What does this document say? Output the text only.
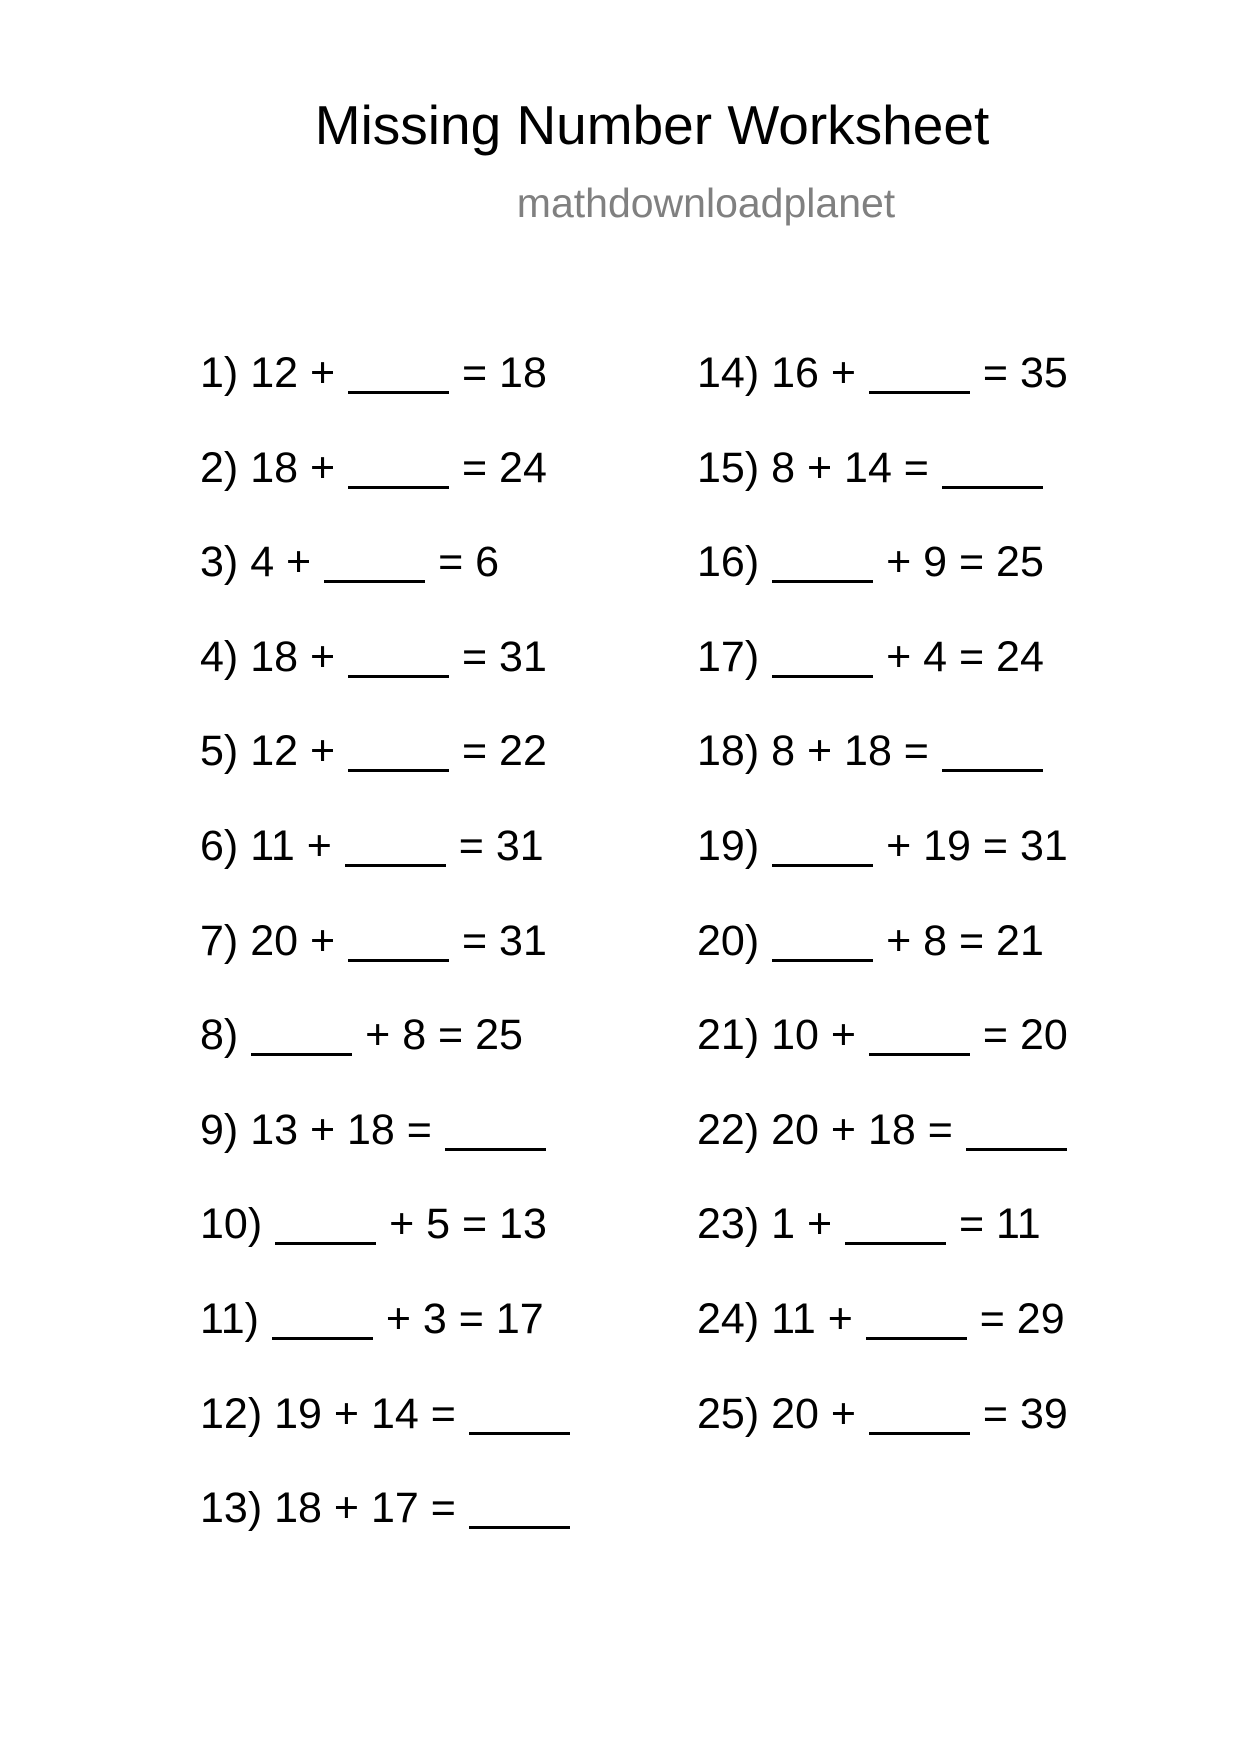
Missing Number Worksheet
mathdownloadplanet
1)
12 +

	= 18
2)
18 +

	= 24
3)
4 +

	= 6
4)
18 +

	= 31
5)
12 +

	= 22
6)
11 +

	= 31
7)
20 +

	= 31
8)

	+ 8 = 25
9)
13 + 18 =

10)

	+ 5 = 13
11)

	+ 3 = 17
12)
19 + 14 =

13)
18 + 17 =

14)
16 +

	= 35
15)
8 + 14 =

16)

	+ 9 = 25
17)

	+ 4 = 24
18)
8 + 18 =

19)

	+ 19 = 31
20)

	+ 8 = 21
21)
10 +

	= 20
22)
20 + 18 =

23)
1 +

	= 11
24)
11 +

	= 29
25)
20 +

	= 39
